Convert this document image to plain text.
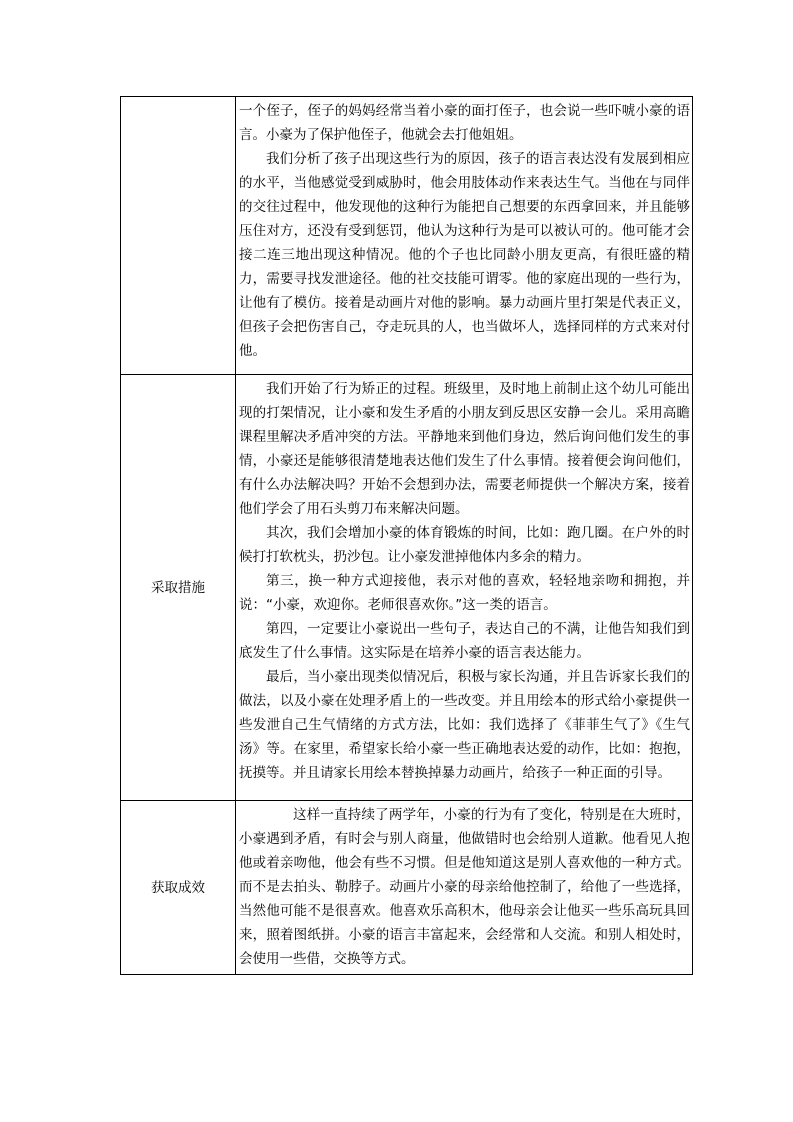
	一个侄子，侄子的妈妈经常当着小豪的面打侄子，也会说一些吓唬小豪的语言。小豪为了保护他侄子，他就会去打他姐姐。

我们分析了孩子出现这些行为的原因，孩子的语言表达没有发展到相应的水平，当他感觉受到威胁时，他会用肢体动作来表达生气。当他在与同伴的交往过程中，他发现他的这种行为能把自己想要的东西拿回来，并且能够压住对方，还没有受到惩罚，他认为这种行为是可以被认可的。他可能才会接二连三地出现这种情况。他的个子也比同龄小朋友更高，有很旺盛的精力，需要寻找发泄途径。他的社交技能可谓零。他的家庭出现的一些行为，让他有了模仿。接着是动画片对他的影响。暴力动画片里打架是代表正义，但孩子会把伤害自己，夺走玩具的人，也当做坏人，选择同样的方式来对付他。

采取措施	我们开始了行为矫正的过程。班级里，及时地上前制止这个幼儿可能出现的打架情况，让小豪和发生矛盾的小朋友到反思区安静一会儿。采用高瞻课程里解决矛盾冲突的方法。平静地来到他们身边，然后询问他们发生的事情，小豪还是能够很清楚地表达他们发生了什么事情。接着便会询问他们，有什么办法解决吗？开始不会想到办法，需要老师提供一个解决方案，接着他们学会了用石头剪刀布来解决问题。

其次，我们会增加小豪的体育锻炼的时间，比如：跑几圈。在户外的时候打打软枕头，扔沙包。让小豪发泄掉他体内多余的精力。

第三，换一种方式迎接他，表示对他的喜欢，轻轻地亲吻和拥抱，并说：“小豪，欢迎你。老师很喜欢你。”这一类的语言。

第四，一定要让小豪说出一些句子，表达自己的不满，让他告知我们到底发生了什么事情。这实际是在培养小豪的语言表达能力。

最后，当小豪出现类似情况后，积极与家长沟通，并且告诉家长我们的做法，以及小豪在处理矛盾上的一些改变。并且用绘本的形式给小豪提供一些发泄自己生气情绪的方式方法，比如：我们选择了《菲菲生气了》《生气汤》等。在家里，希望家长给小豪一些正确地表达爱的动作，比如：抱抱，抚摸等。并且请家长用绘本替换掉暴力动画片，给孩子一种正面的引导。

获取成效	这样一直持续了两学年，小豪的行为有了变化，特别是在大班时，小豪遇到矛盾，有时会与别人商量，他做错时也会给别人道歉。他看见人抱他或着亲吻他，他会有些不习惯。但是他知道这是别人喜欢他的一种方式。而不是去拍头、勒脖子。动画片小豪的母亲给他控制了，给他了一些选择，当然他可能不是很喜欢。他喜欢乐高积木，他母亲会让他买一些乐高玩具回来，照着图纸拼。小豪的语言丰富起来，会经常和人交流。和别人相处时，会使用一些借，交换等方式。
